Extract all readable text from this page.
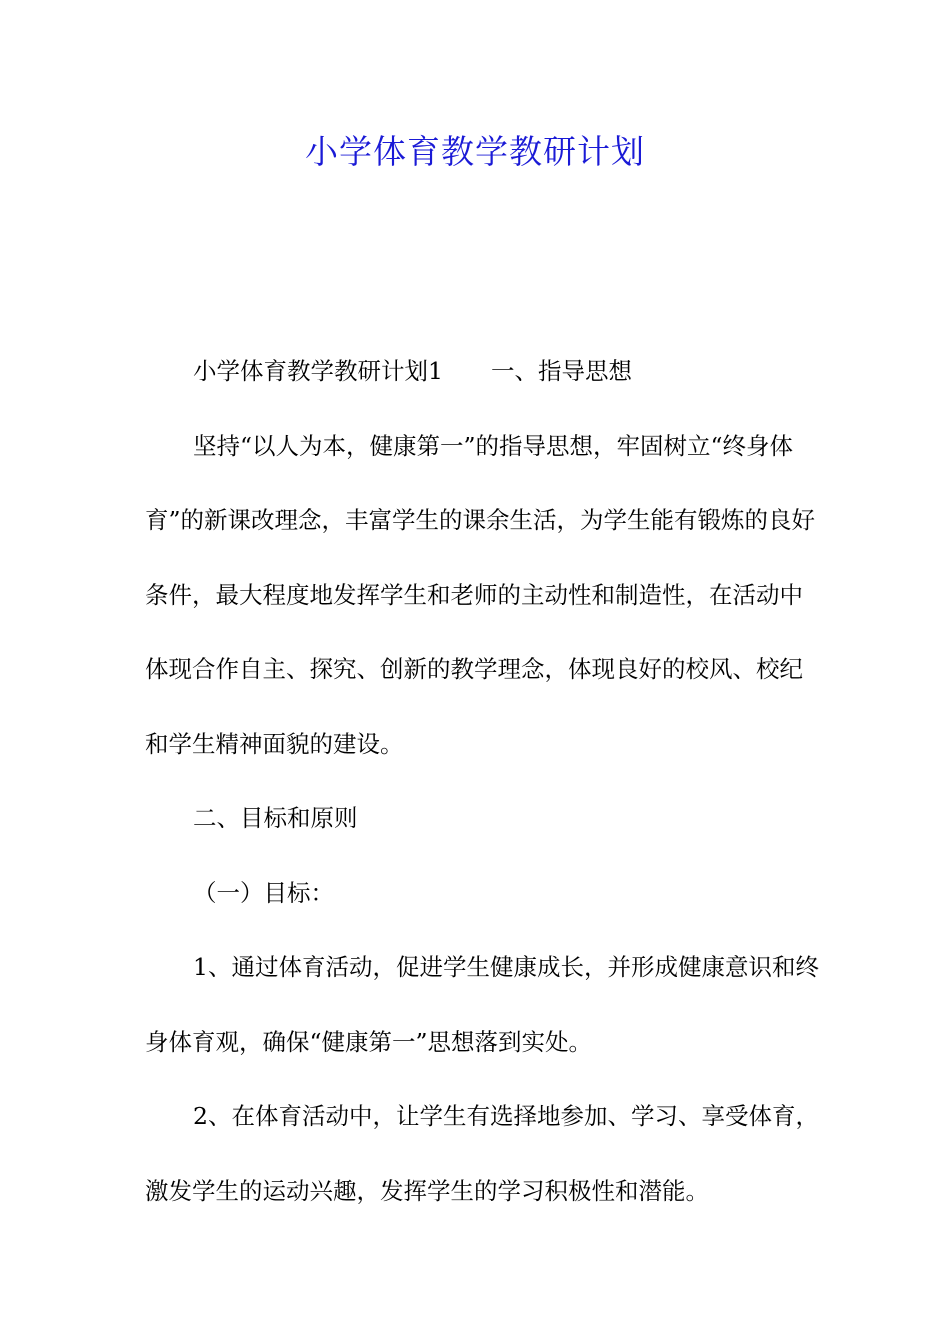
小学体育教学教研计划

小学体育教学教研计划1 一、指导思想

坚持“以人为本，健康第一”的指导思想，牢固树立“终身体育”的新课改理念，丰富学生的课余生活，为学生能有锻炼的良好条件，最大程度地发挥学生和老师的主动性和制造性，在活动中体现合作自主、探究、创新的教学理念，体现良好的校风、校纪和学生精神面貌的建设。

二、目标和原则

（一）目标：

1、通过体育活动，促进学生健康成长，并形成健康意识和终身体育观，确保“健康第一”思想落到实处。

2、在体育活动中，让学生有选择地参加、学习、享受体育，激发学生的运动兴趣，发挥学生的学习积极性和潜能。
